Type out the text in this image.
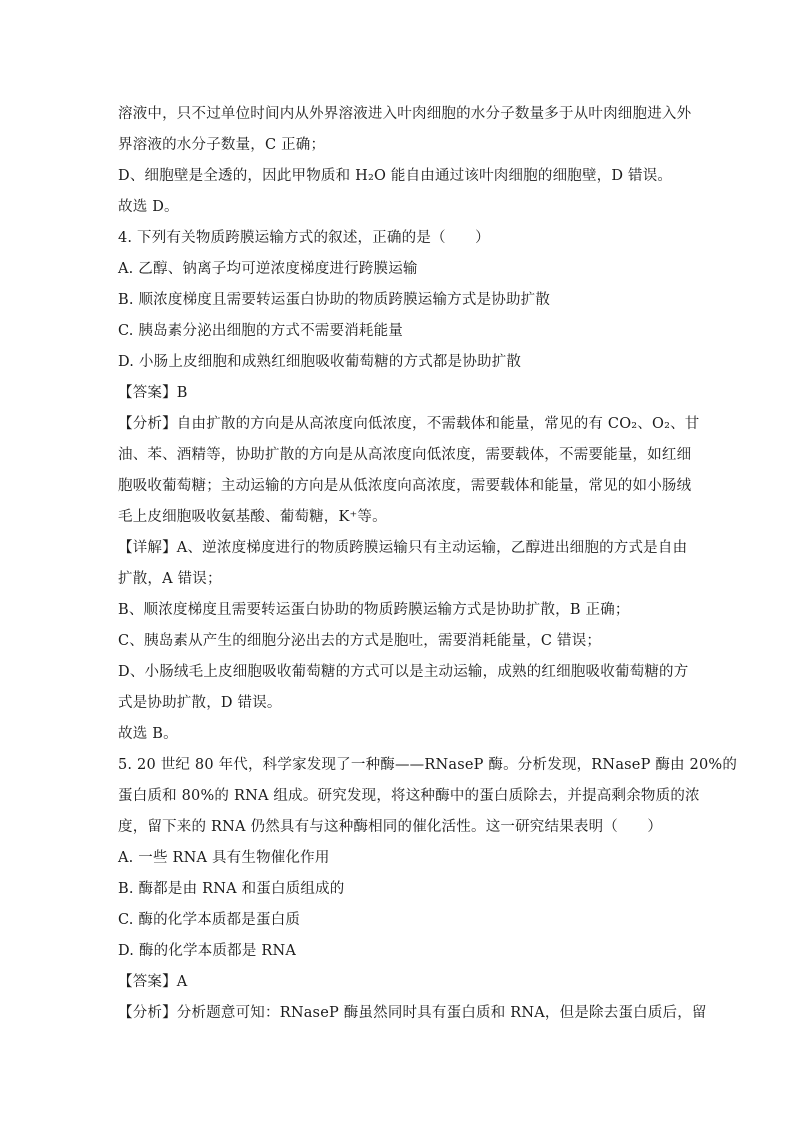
溶液中，只不过单位时间内从外界溶液进入叶肉细胞的水分子数量多于从叶肉细胞进入外
界溶液的水分子数量，C 正确；
D、细胞壁是全透的，因此甲物质和 H₂O 能自由通过该叶肉细胞的细胞壁，D 错误。
故选 D。
4. 下列有关物质跨膜运输方式的叙述，正确的是（　　）
A. 乙醇、钠离子均可逆浓度梯度进行跨膜运输
B. 顺浓度梯度且需要转运蛋白协助的物质跨膜运输方式是协助扩散
C. 胰岛素分泌出细胞的方式不需要消耗能量
D. 小肠上皮细胞和成熟红细胞吸收葡萄糖的方式都是协助扩散
【答案】B
【分析】自由扩散的方向是从高浓度向低浓度，不需载体和能量，常见的有 CO₂、O₂、甘
油、苯、酒精等，协助扩散的方向是从高浓度向低浓度，需要载体，不需要能量，如红细
胞吸收葡萄糖；主动运输的方向是从低浓度向高浓度，需要载体和能量，常见的如小肠绒
毛上皮细胞吸收氨基酸、葡萄糖，K⁺等。
【详解】A、逆浓度梯度进行的物质跨膜运输只有主动运输，乙醇进出细胞的方式是自由
扩散，A 错误；
B、顺浓度梯度且需要转运蛋白协助的物质跨膜运输方式是协助扩散，B 正确；
C、胰岛素从产生的细胞分泌出去的方式是胞吐，需要消耗能量，C 错误；
D、小肠绒毛上皮细胞吸收葡萄糖的方式可以是主动运输，成熟的红细胞吸收葡萄糖的方
式是协助扩散，D 错误。
故选 B。
5. 20 世纪 80 年代，科学家发现了一种酶——RNaseP 酶。分析发现，RNaseP 酶由 20%的
蛋白质和 80%的 RNA 组成。研究发现，将这种酶中的蛋白质除去，并提高剩余物质的浓
度，留下来的 RNA 仍然具有与这种酶相同的催化活性。这一研究结果表明（　　）
A. 一些 RNA 具有生物催化作用
B. 酶都是由 RNA 和蛋白质组成的
C. 酶的化学本质都是蛋白质
D. 酶的化学本质都是 RNA
【答案】A
【分析】分析题意可知：RNaseP 酶虽然同时具有蛋白质和 RNA，但是除去蛋白质后，留
